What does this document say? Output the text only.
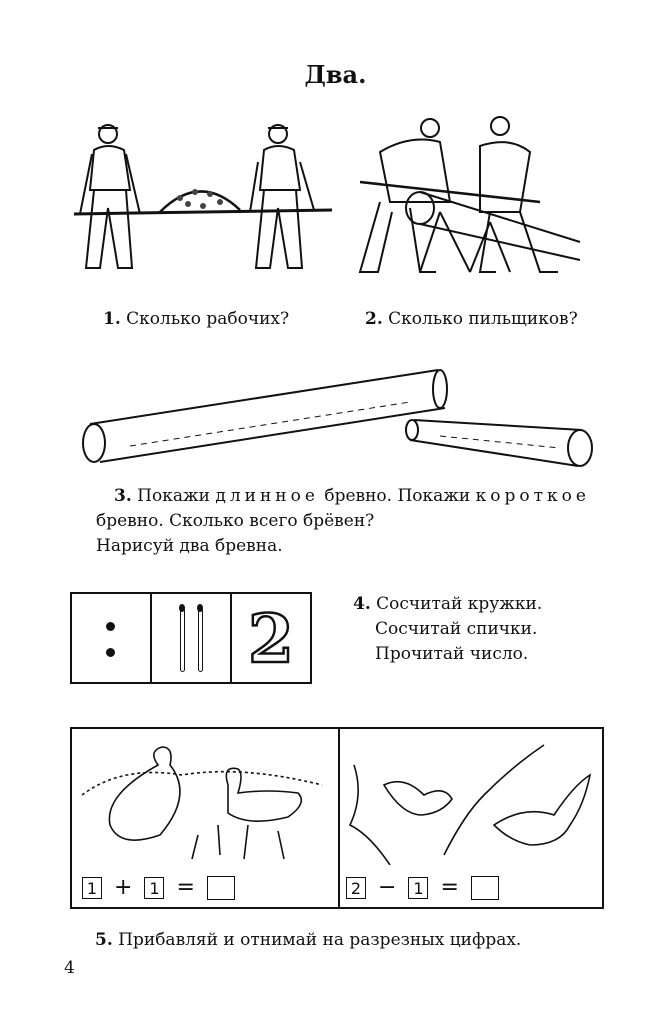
Два.
1. Сколько рабочих?	2. Сколько пильщиков?
3. Покажи длинное бревно. Покажи короткое
бревно. Сколько всего брёвен?
Нарисуй два бревна.
2	4. Сосчитай кружки.
Сосчитай спички.
Прочитай число.
1 +	1 =	2 −	1 =
5. Прибавляй и отнимай на разрезных цифрах.
4
